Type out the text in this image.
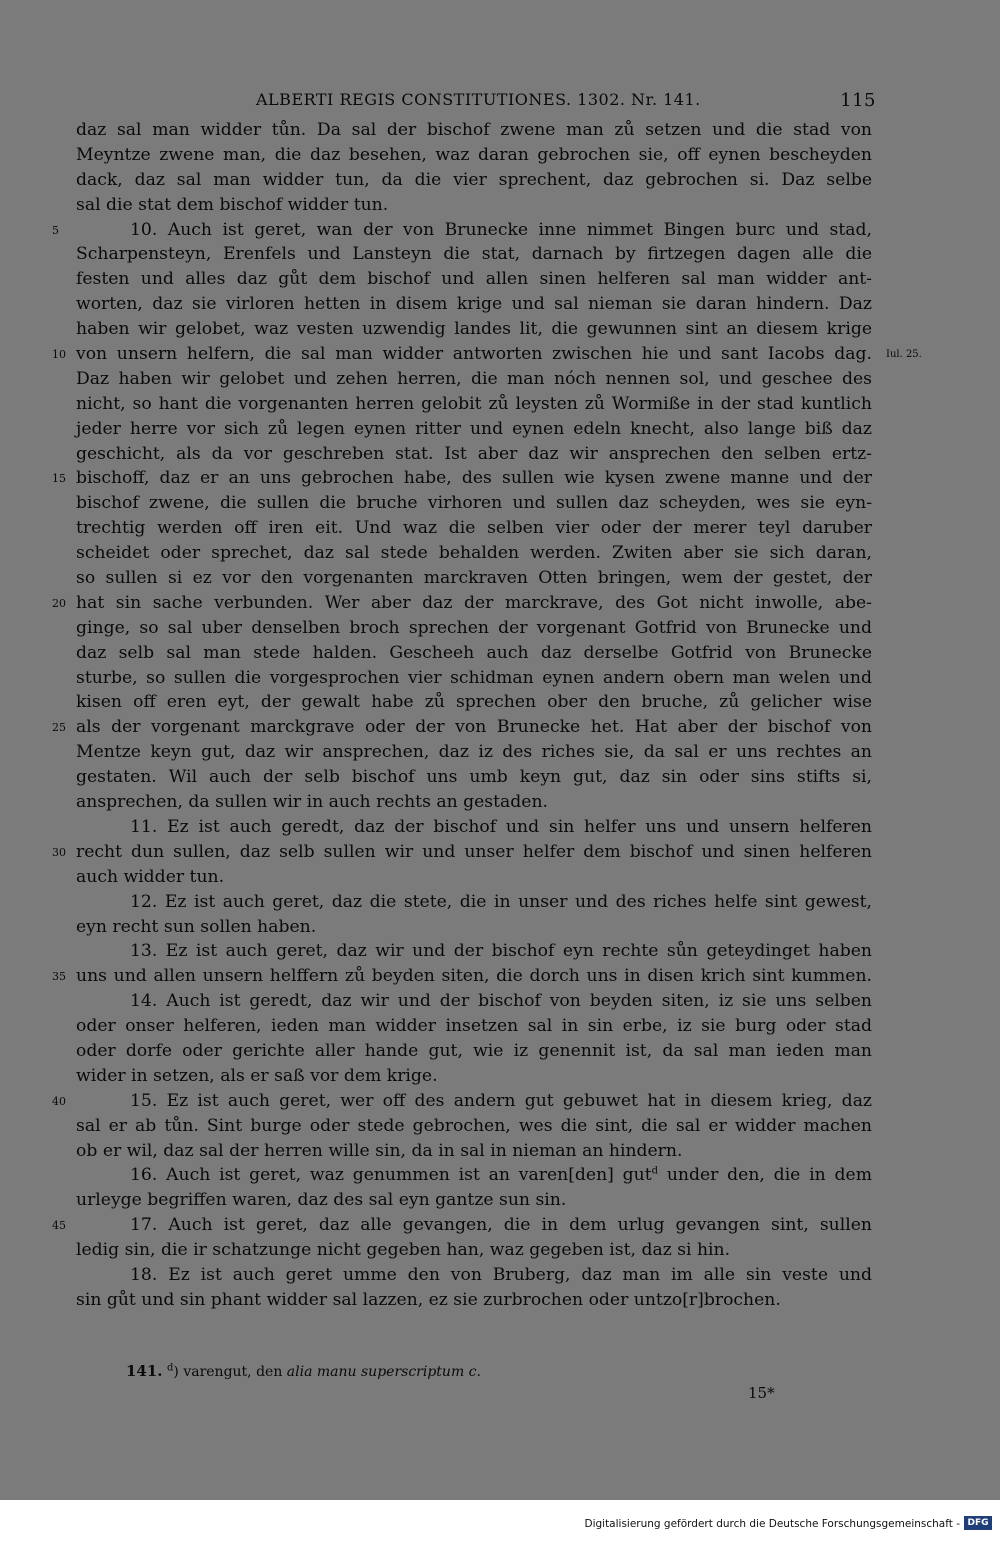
ALBERTI REGIS CONSTITUTIONES. 1302. Nr. 141.	115
daz sal man widder tůn. Da sal der bischof zwene man zů setzen und die stad von
Meyntze zwene man, die daz besehen, waz daran gebrochen sie, off eynen bescheyden
dack, daz sal man widder tun, da die vier sprechent, daz gebrochen si. Daz selbe
sal die stat dem bischof widder tun.
5	10. Auch ist geret, wan der von Brunecke inne nimmet Bingen burc und stad,
Scharpensteyn, Erenfels und Lansteyn die stat, darnach by firtzegen dagen alle die
festen und alles daz gůt dem bischof und allen sinen helferen sal man widder ant-
worten, daz sie virloren hetten in disem krige und sal nieman sie daran hindern. Daz
haben wir gelobet, waz vesten uzwendig landes lit, die gewunnen sint an diesem krige
10 von unsern helfern, die sal man widder antworten zwischen hie und sant Iacobs dag. Iul. 25.
Daz haben wir gelobet und zehen herren, die man nóch nennen sol, und geschee des
nicht, so hant die vorgenanten herren gelobit zů leysten zů Wormiße in der stad kuntlich
jeder herre vor sich zů legen eynen ritter und eynen edeln knecht, also lange biß daz
geschicht, als da vor geschreben stat. Ist aber daz wir ansprechen den selben ertz-
15 bischoff, daz er an uns gebrochen habe, des sullen wie kysen zwene manne und der
bischof zwene, die sullen die bruche virhoren und sullen daz scheyden, wes sie eyn-
trechtig werden off iren eit. Und waz die selben vier oder der merer teyl daruber
scheidet oder sprechet, daz sal stede behalden werden. Zwiten aber sie sich daran,
so sullen si ez vor den vorgenanten marckraven Otten bringen, wem der gestet, der
20 hat sin sache verbunden. Wer aber daz der marckrave, des Got nicht inwolle, abe-
ginge, so sal uber denselben broch sprechen der vorgenant Gotfrid von Brunecke und
daz selb sal man stede halden. Gescheeh auch daz derselbe Gotfrid von Brunecke
sturbe, so sullen die vorgesprochen vier schidman eynen andern obern man welen und
kisen off eren eyt, der gewalt habe zů sprechen ober den bruche, zů gelicher wise
25 als der vorgenant marckgrave oder der von Brunecke het. Hat aber der bischof von
Mentze keyn gut, daz wir ansprechen, daz iz des riches sie, da sal er uns rechtes an
gestaten. Wil auch der selb bischof uns umb keyn gut, daz sin oder sins stifts si,
ansprechen, da sullen wir in auch rechts an gestaden.
11. Ez ist auch geredt, daz der bischof und sin helfer uns und unsern helferen
30 recht dun sullen, daz selb sullen wir und unser helfer dem bischof und sinen helferen
auch widder tun.
12. Ez ist auch geret, daz die stete, die in unser und des riches helfe sint gewest,
eyn recht sun sollen haben.
13. Ez ist auch geret, daz wir und der bischof eyn rechte sůn geteydinget haben
35 uns und allen unsern helffern zů beyden siten, die dorch uns in disen krich sint kummen.
14. Auch ist geredt, daz wir und der bischof von beyden siten, iz sie uns selben
oder onser helferen, ieden man widder insetzen sal in sin erbe, iz sie burg oder stad
oder dorfe oder gerichte aller hande gut, wie iz genennit ist, da sal man ieden man
wider in setzen, als er saß vor dem krige.
40	15. Ez ist auch geret, wer off des andern gut gebuwet hat in diesem krieg, daz
sal er ab tůn. Sint burge oder stede gebrochen, wes die sint, die sal er widder machen
ob er wil, daz sal der herren wille sin, da in sal in nieman an hindern.
16. Auch ist geret, waz genummen ist an varen[den] gut$^d$ under den, die in dem
urleyge begriffen waren, daz des sal eyn gantze sun sin.
45	17. Auch ist geret, daz alle gevangen, die in dem urlug gevangen sint, sullen
ledig sin, die ir schatzunge nicht gegeben han, waz gegeben ist, daz si hin.
18. Ez ist auch geret umme den von Bruberg, daz man im alle sin veste und
sin gůt und sin phant widder sal lazzen, ez sie zurbrochen oder untzo[r]brochen.
141. $^d$) varengut, den alia manu superscriptum c.
15*
Digitalisierung gefördert durch die Deutsche Forschungsgemeinschaft - DFG
